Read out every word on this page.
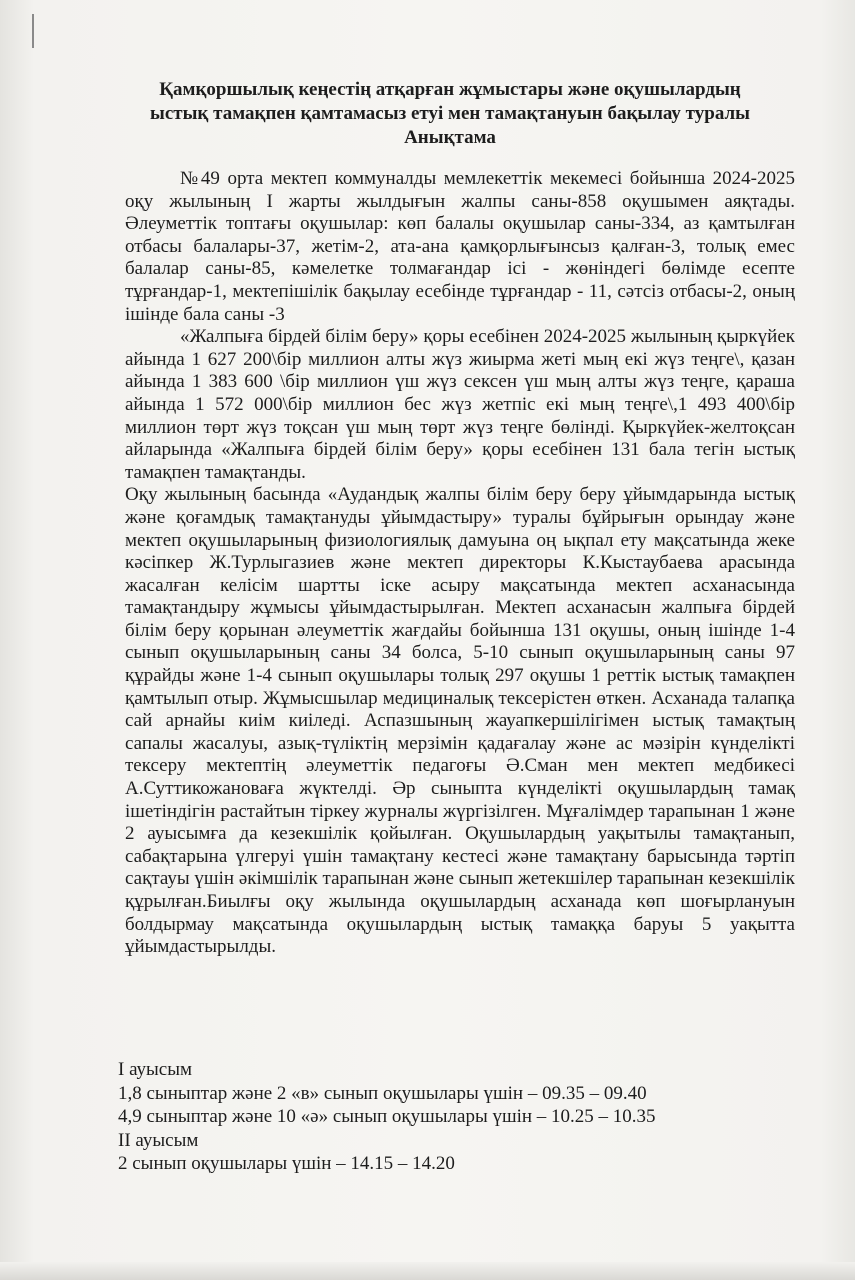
Қамқоршылық кеңестің атқарған жұмыстары және оқушылардың
ыстық тамақпен қамтамасыз етуі мен тамақтануын бақылау туралы
Анықтама

№49 орта мектеп коммуналды мемлекеттік мекемесі бойынша 2024-2025 оқу жылының I жарты жылдығын жалпы саны-858 оқушымен аяқтады. Әлеуметтік топтағы оқушылар: көп балалы оқушылар саны-334, аз қамтылған отбасы балалары-37, жетім-2, ата-ана қамқорлығынсыз қалған-3, толық емес балалар саны-85, кәмелетке толмағандар ісі - жөніндегі бөлімде есепте тұрғандар-1, мектепішілік бақылау есебінде тұрғандар - 11, сәтсіз отбасы-2, оның ішінде бала саны -3

«Жалпыға бірдей білім беру» қоры есебінен 2024-2025 жылының қыркүйек айында 1 627 200\бір миллион алты жүз жиырма жеті мың екі жүз теңге\, қазан айында 1 383 600 \бір миллион үш жүз сексен үш мың алты жүз теңге, қараша айында 1 572 000\бір миллион бес жүз жетпіс екі мың теңге\,1 493 400\бір миллион төрт жүз тоқсан үш мың төрт жүз теңге бөлінді. Қыркүйек-желтоқсан айларында «Жалпыға бірдей білім беру» қоры есебінен 131 бала тегін ыстық тамақпен тамақтанды.

Оқу жылының басында «Аудандық жалпы білім беру беру ұйымдарында ыстық және қоғамдық тамақтануды ұйымдастыру» туралы бұйрығын орындау және мектеп оқушыларының физиологиялық дамуына оң ықпал ету мақсатында жеке кәсіпкер Ж.Турлыгазиев және мектеп директоры К.Кыстаубаева арасында жасалған келісім шартты іске асыру мақсатында мектеп асханасында тамақтандыру жұмысы ұйымдастырылған. Мектеп асханасын жалпыға бірдей білім беру қорынан әлеуметтік жағдайы бойынша 131 оқушы, оның ішінде 1-4 сынып оқушыларының саны 34 болса, 5-10 сынып оқушыларының саны 97 құрайды және 1-4 сынып оқушылары толық 297 оқушы 1 реттік ыстық тамақпен қамтылып отыр. Жұмысшылар медициналық тексерістен өткен. Асханада талапқа сай арнайы киім киіледі. Аспазшының жауапкершілігімен ыстық тамақтың сапалы жасалуы, азық-түліктің мерзімін қадағалау және ас мәзірін күнделікті тексеру мектептің әлеуметтік педагоғы Ә.Сман мен мектеп медбикесі А.Суттикожановаға жүктелді. Әр сыныпта күнделікті оқушылардың тамақ ішетіндігін растайтын тіркеу журналы жүргізілген. Мұғалімдер тарапынан 1 және 2 ауысымға да кезекшілік қойылған. Оқушылардың уақытылы тамақтанып, сабақтарына үлгеруі үшін тамақтану кестесі және тамақтану барысында тәртіп сақтауы үшін әкімшілік тарапынан және сынып жетекшілер тарапынан кезекшілік құрылған.Биылғы оқу жылында оқушылардың асханада көп шоғырлануын болдырмау мақсатында оқушылардың ыстық тамаққа баруы 5 уақытта ұйымдастырылды.

I ауысым
1,8 сыныптар және 2 «в» сынып оқушылары үшін – 09.35 – 09.40
4,9 сыныптар және 10 «ә» сынып оқушылары үшін – 10.25 – 10.35
II ауысым
2 сынып оқушылары үшін – 14.15 – 14.20
